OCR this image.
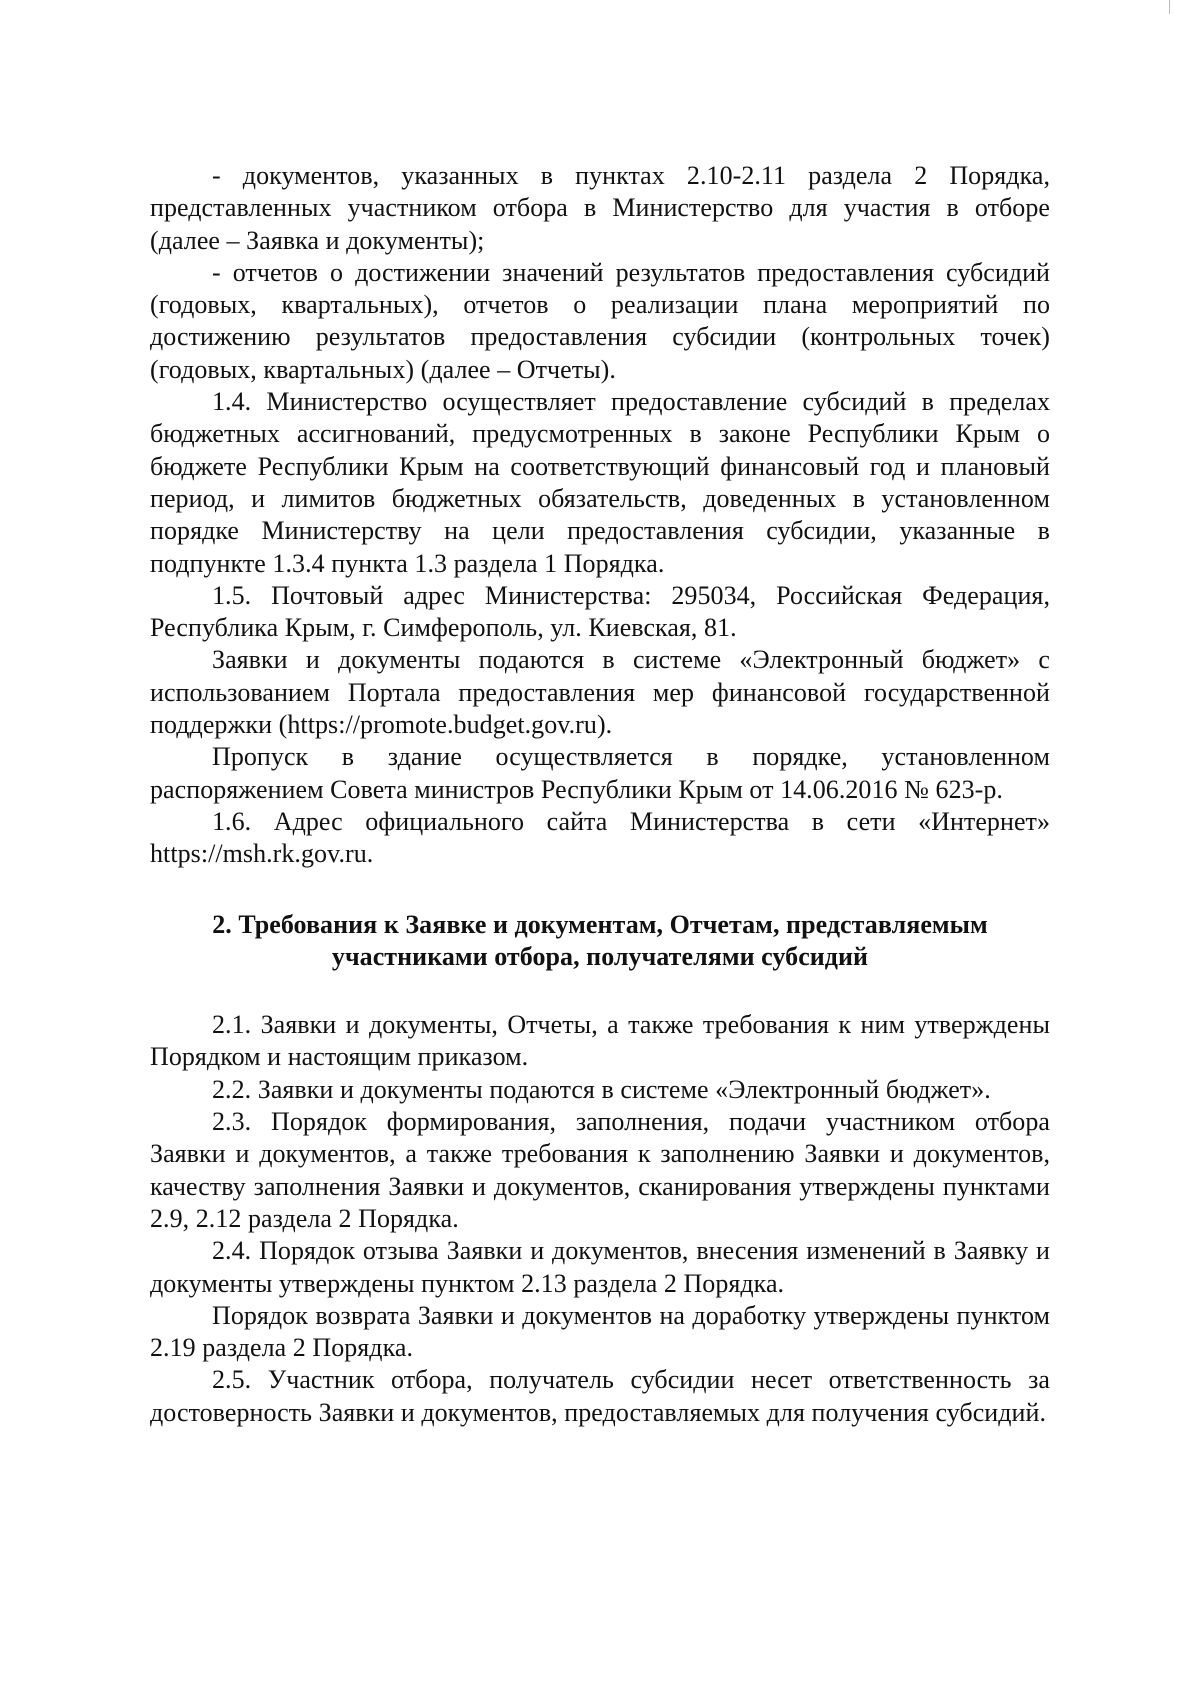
- документов, указанных в пунктах 2.10-2.11 раздела 2 Порядка, представленных участником отбора в Министерство для участия в отборе (далее – Заявка и документы);

- отчетов о достижении значений результатов предоставления субсидий (годовых, квартальных), отчетов о реализации плана мероприятий по достижению результатов предоставления субсидии (контрольных точек) (годовых, квартальных) (далее – Отчеты).

1.4. Министерство осуществляет предоставление субсидий в пределах бюджетных ассигнований, предусмотренных в законе Республики Крым о бюджете Республики Крым на соответствующий финансовый год и плановый период, и лимитов бюджетных обязательств, доведенных в установленном порядке Министерству на цели предоставления субсидии, указанные в подпункте 1.3.4 пункта 1.3 раздела 1 Порядка.

1.5. Почтовый адрес Министерства: 295034, Российская Федерация, Республика Крым, г. Симферополь, ул. Киевская, 81.

Заявки и документы подаются в системе «Электронный бюджет» с использованием Портала предоставления мер финансовой государственной поддержки (https://promote.budget.gov.ru).

Пропуск в здание осуществляется в порядке, установленном распоряжением Совета министров Республики Крым от 14.06.2016 № 623-р.

1.6. Адрес официального сайта Министерства в сети «Интернет» https://msh.rk.gov.ru.

2. Требования к Заявке и документам, Отчетам, представляемым
участниками отбора, получателями субсидий

2.1. Заявки и документы, Отчеты, а также требования к ним утверждены Порядком и настоящим приказом.

2.2. Заявки и документы подаются в системе «Электронный бюджет».

2.3. Порядок формирования, заполнения, подачи участником отбора Заявки и документов, а также требования к заполнению Заявки и документов, качеству заполнения Заявки и документов, сканирования утверждены пунктами 2.9, 2.12 раздела 2 Порядка.

2.4. Порядок отзыва Заявки и документов, внесения изменений в Заявку и документы утверждены пунктом 2.13 раздела 2 Порядка.

Порядок возврата Заявки и документов на доработку утверждены пунктом 2.19 раздела 2 Порядка.

2.5. Участник отбора, получатель субсидии несет ответственность за достоверность Заявки и документов, предоставляемых для получения субсидий.
